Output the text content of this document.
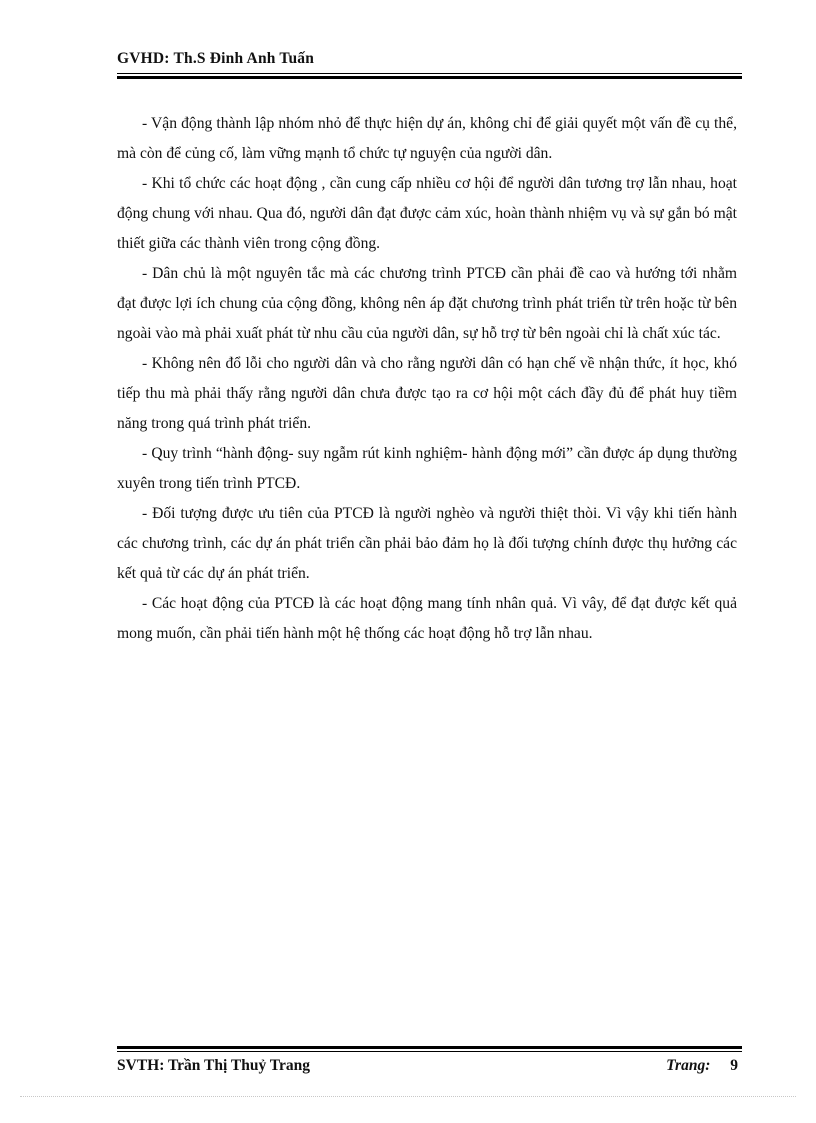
GVHD: Th.S Đinh Anh Tuấn

- Vận động thành lập nhóm nhỏ để thực hiện dự án, không chỉ để giải quyết một vấn đề cụ thể, mà còn để củng cố, làm vững mạnh tổ chức tự nguyện của người dân.

- Khi tổ chức các hoạt động , cần cung cấp nhiều cơ hội để người dân tương trợ lẫn nhau, hoạt động chung với nhau. Qua đó, người dân đạt được cảm xúc, hoàn thành nhiệm vụ và sự gắn bó mật thiết giữa các thành viên trong cộng đồng.

- Dân chủ là một nguyên tắc mà các chương trình PTCĐ cần phải đề cao và hướng tới nhằm đạt được lợi ích chung của cộng đồng, không nên áp đặt chương trình phát triển từ trên hoặc từ bên ngoài vào mà phải xuất phát từ nhu cầu của người dân, sự hỗ trợ từ bên ngoài chỉ là chất xúc tác.

- Không nên đổ lỗi cho người dân và cho rằng người dân có hạn chế về nhận thức, ít học, khó tiếp thu mà phải thấy rằng người dân chưa được tạo ra cơ hội một cách đầy đủ để phát huy tiềm năng trong quá trình phát triển.

- Quy trình “hành động- suy ngẫm rút kinh nghiệm- hành động mới” cần được áp dụng thường xuyên trong tiến trình PTCĐ.

- Đối tượng được ưu tiên của PTCĐ là người nghèo và người thiệt thòi. Vì vậy khi tiến hành các chương trình, các dự án phát triển cần phải bảo đảm họ là đối tượng chính được thụ hưởng các kết quả từ các dự án phát triển.

- Các hoạt động của PTCĐ là các hoạt động mang tính nhân quả. Vì vây, để đạt được kết quả mong muốn, cần phải tiến hành một hệ thống các hoạt động hỗ trợ lẫn nhau.

SVTH: Trần Thị Thuỷ Trang	Trang: 9
